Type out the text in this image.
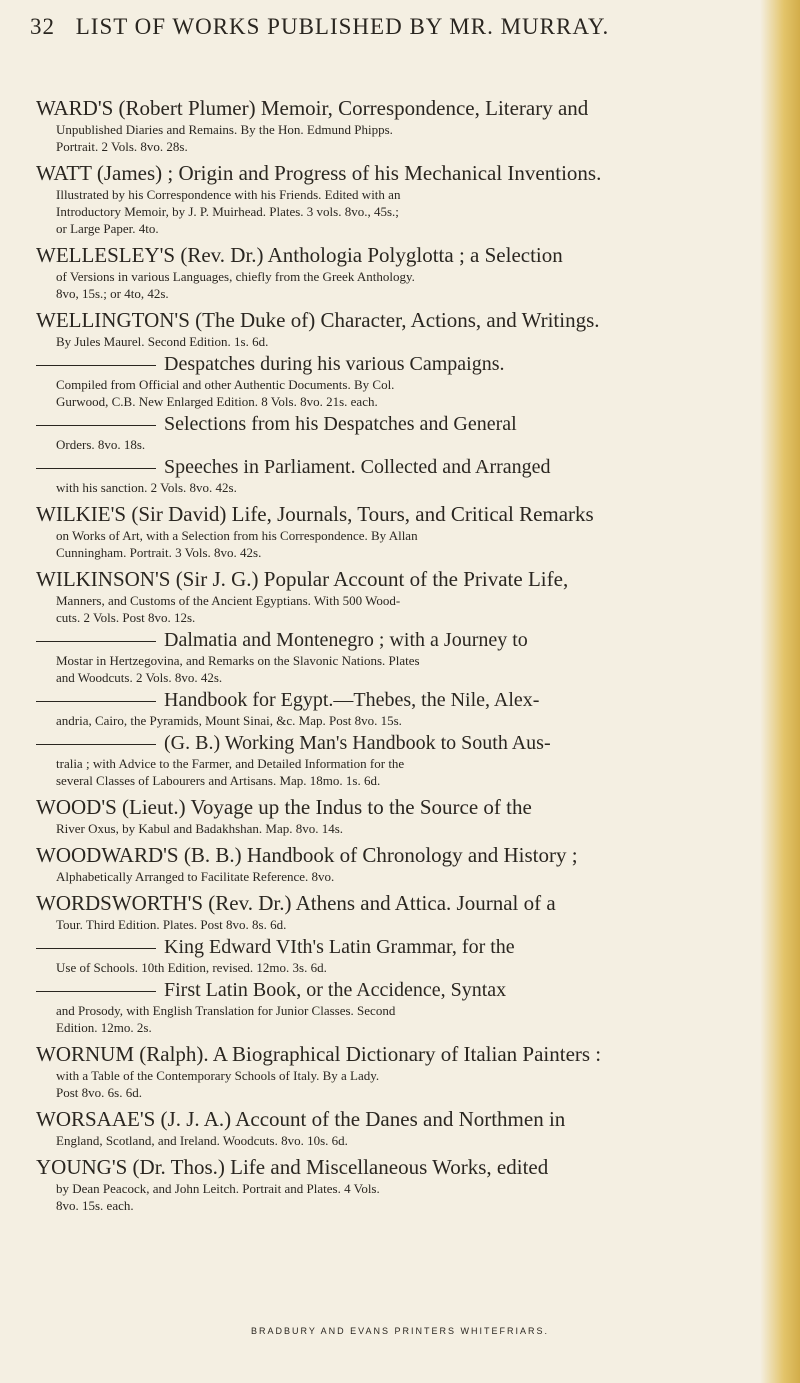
32 LIST OF WORKS PUBLISHED BY MR. MURRAY.
WARD'S (Robert Plumer) Memoir, Correspondence, Literary and
Unpublished Diaries and Remains. By the Hon. Edmund Phipps.
Portrait. 2 Vols. 8vo. 28s.
WATT (James) ; Origin and Progress of his Mechanical Inventions.
Illustrated by his Correspondence with his Friends. Edited with an
Introductory Memoir, by J. P. Muirhead. Plates. 3 vols. 8vo., 45s.;
or Large Paper. 4to.
WELLESLEY'S (Rev. Dr.) Anthologia Polyglotta ; a Selection
of Versions in various Languages, chiefly from the Greek Anthology.
8vo, 15s.; or 4to, 42s.
WELLINGTON'S (The Duke of) Character, Actions, and Writings.
By Jules Maurel. Second Edition. 1s. 6d.
Despatches during his various Campaigns.
Compiled from Official and other Authentic Documents. By Col.
Gurwood, C.B. New Enlarged Edition. 8 Vols. 8vo. 21s. each.
Selections from his Despatches and General
Orders. 8vo. 18s.
Speeches in Parliament. Collected and Arranged
with his sanction. 2 Vols. 8vo. 42s.
WILKIE'S (Sir David) Life, Journals, Tours, and Critical Remarks
on Works of Art, with a Selection from his Correspondence. By Allan
Cunningham. Portrait. 3 Vols. 8vo. 42s.
WILKINSON'S (Sir J. G.) Popular Account of the Private Life,
Manners, and Customs of the Ancient Egyptians. With 500 Wood-
cuts. 2 Vols. Post 8vo. 12s.
Dalmatia and Montenegro ; with a Journey to
Mostar in Hertzegovina, and Remarks on the Slavonic Nations. Plates
and Woodcuts. 2 Vols. 8vo. 42s.
Handbook for Egypt.—Thebes, the Nile, Alex-
andria, Cairo, the Pyramids, Mount Sinai, &c. Map. Post 8vo. 15s.
(G. B.) Working Man's Handbook to South Aus-
tralia ; with Advice to the Farmer, and Detailed Information for the
several Classes of Labourers and Artisans. Map. 18mo. 1s. 6d.
WOOD'S (Lieut.) Voyage up the Indus to the Source of the
River Oxus, by Kabul and Badakhshan. Map. 8vo. 14s.
WOODWARD'S (B. B.) Handbook of Chronology and History ;
Alphabetically Arranged to Facilitate Reference. 8vo.
WORDSWORTH'S (Rev. Dr.) Athens and Attica. Journal of a
Tour. Third Edition. Plates. Post 8vo. 8s. 6d.
King Edward VIth's Latin Grammar, for the
Use of Schools. 10th Edition, revised. 12mo. 3s. 6d.
First Latin Book, or the Accidence, Syntax
and Prosody, with English Translation for Junior Classes. Second
Edition. 12mo. 2s.
WORNUM (Ralph). A Biographical Dictionary of Italian Painters :
with a Table of the Contemporary Schools of Italy. By a Lady.
Post 8vo. 6s. 6d.
WORSAAE'S (J. J. A.) Account of the Danes and Northmen in
England, Scotland, and Ireland. Woodcuts. 8vo. 10s. 6d.
YOUNG'S (Dr. Thos.) Life and Miscellaneous Works, edited
by Dean Peacock, and John Leitch. Portrait and Plates. 4 Vols.
8vo. 15s. each.
BRADBURY AND EVANS PRINTERS WHITEFRIARS.
